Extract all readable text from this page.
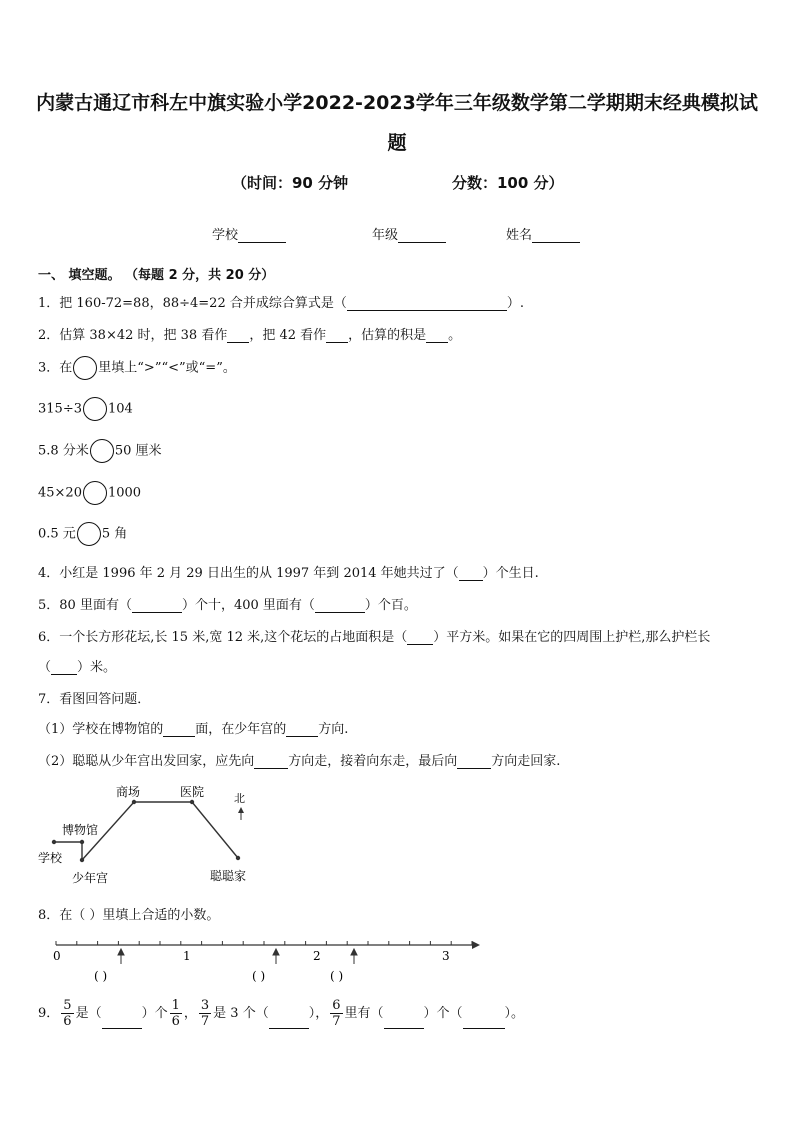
内蒙古通辽市科左中旗实验小学2022-2023学年三年级数学第二学期期末经典模拟试
题
（时间：90 分钟	分数：100 分）
学校	年级	姓名
一、 填空题。 （每题 2 分，共 20 分）
1．把 160-72=88，88÷4=22 合并成综合算式是（	）.
2．估算 38×42 时，把 38 看作 ，把 42 看作 ，估算的积是 。
3．在 里填上“>”“<”或“=”。
315÷3 104
5.8 分米 50 厘米
45×20 1000
0.5 元 5 角
4．小红是 1996 年 2 月 29 日出生的从 1997 年到 2014 年她共过了（ ）个生日.
5．80 里面有（	）个十，400 里面有（	）个百。
6．一个长方形花坛,长 15 米,宽 12 米,这个花坛的占地面积是（ ）平方米。如果在它的四周围上护栏,那么护栏长
（ ）米。
7．看图回答问题．
（1）学校在博物馆的 面，在少年宫的 方向.
（2）聪聪从少年宫出发回家，应先向	方向走，接着向东走，最后向	方向走回家.
学校
博物馆
少年宫
商场	医院
聪聪家
北
8．在（ ）里填上合适的小数。
0	1	2	3
( )	( )	( )
9． $\frac{5}{6}$ 是（	）个 $\frac{1}{6}$ ， $\frac{3}{7}$ 是 3 个（	）， $\frac{6}{7}$ 里有（	）个（	）。
